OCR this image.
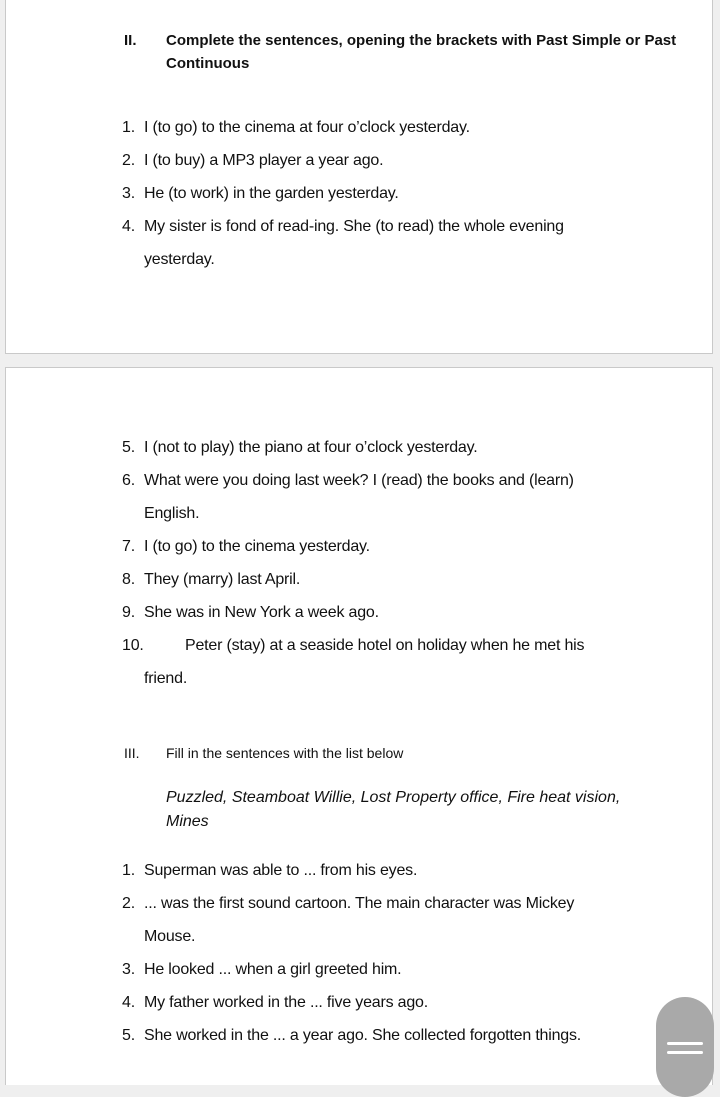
II. Complete the sentences, opening the brackets with Past Simple or Past Continuous
1. I (to go) to the cinema at four o’clock yesterday.
2. I (to buy) a MP3 player a year ago.
3. He (to work) in the garden yesterday.
4. My sister is fond of read-ing. She (to read) the whole evening
yesterday.
5. I (not to play) the piano at four o’clock yesterday.
6. What were you doing last week? I (read) the books and (learn)
English.
7. I (to go) to the cinema yesterday.
8. They (marry) last April.
9. She was in New York a week ago.
10.	Peter (stay) at a seaside hotel on holiday when he met his
friend.
III. Fill in the sentences with the list below
Puzzled, Steamboat Willie, Lost Property office, Fire heat vision, Mines
1. Superman was able to ... from his eyes.
2. ... was the first sound cartoon. The main character was Mickey
Mouse.
3. He looked ... when a girl greeted him.
4. My father worked in the ... five years ago.
5. She worked in the ... a year ago. She collected forgotten things.
